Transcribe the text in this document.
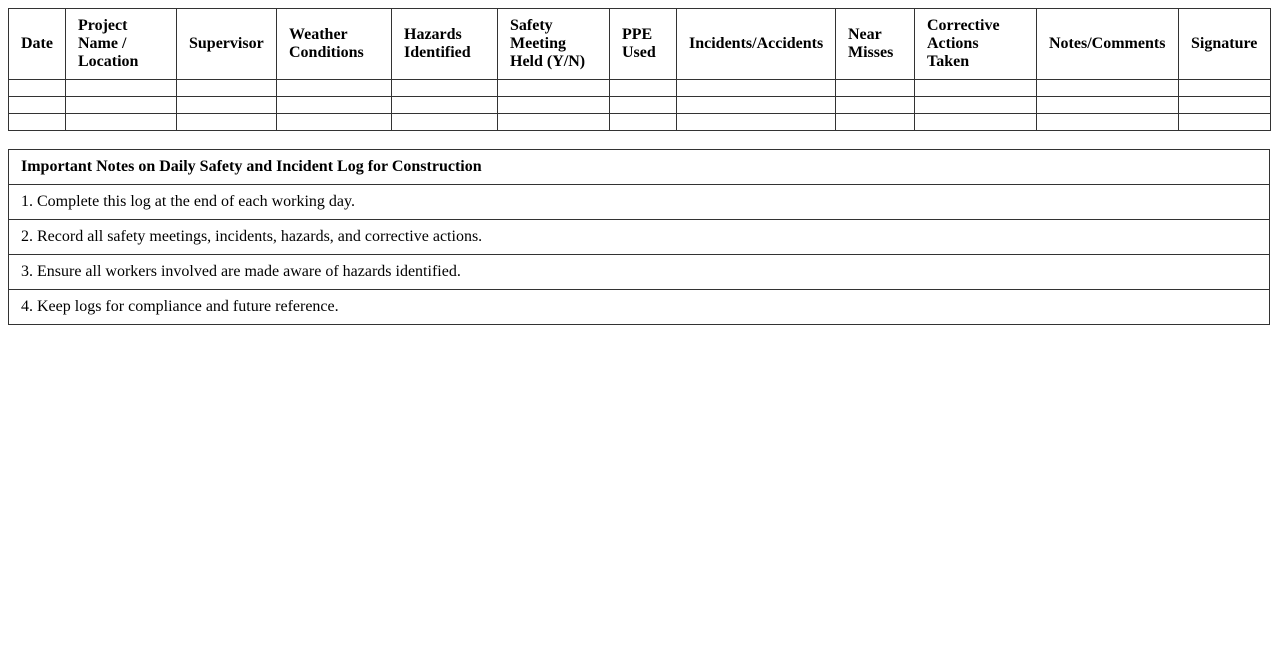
Date	Project Name / Location	Supervisor	Weather Conditions	Hazards Identified	Safety Meeting Held (Y/N)	PPE Used	Incidents/Accidents	Near Misses	Corrective Actions Taken	Notes/Comments	Signature

Important Notes on Daily Safety and Incident Log for Construction
1. Complete this log at the end of each working day.
2. Record all safety meetings, incidents, hazards, and corrective actions.
3. Ensure all workers involved are made aware of hazards identified.
4. Keep logs for compliance and future reference.
